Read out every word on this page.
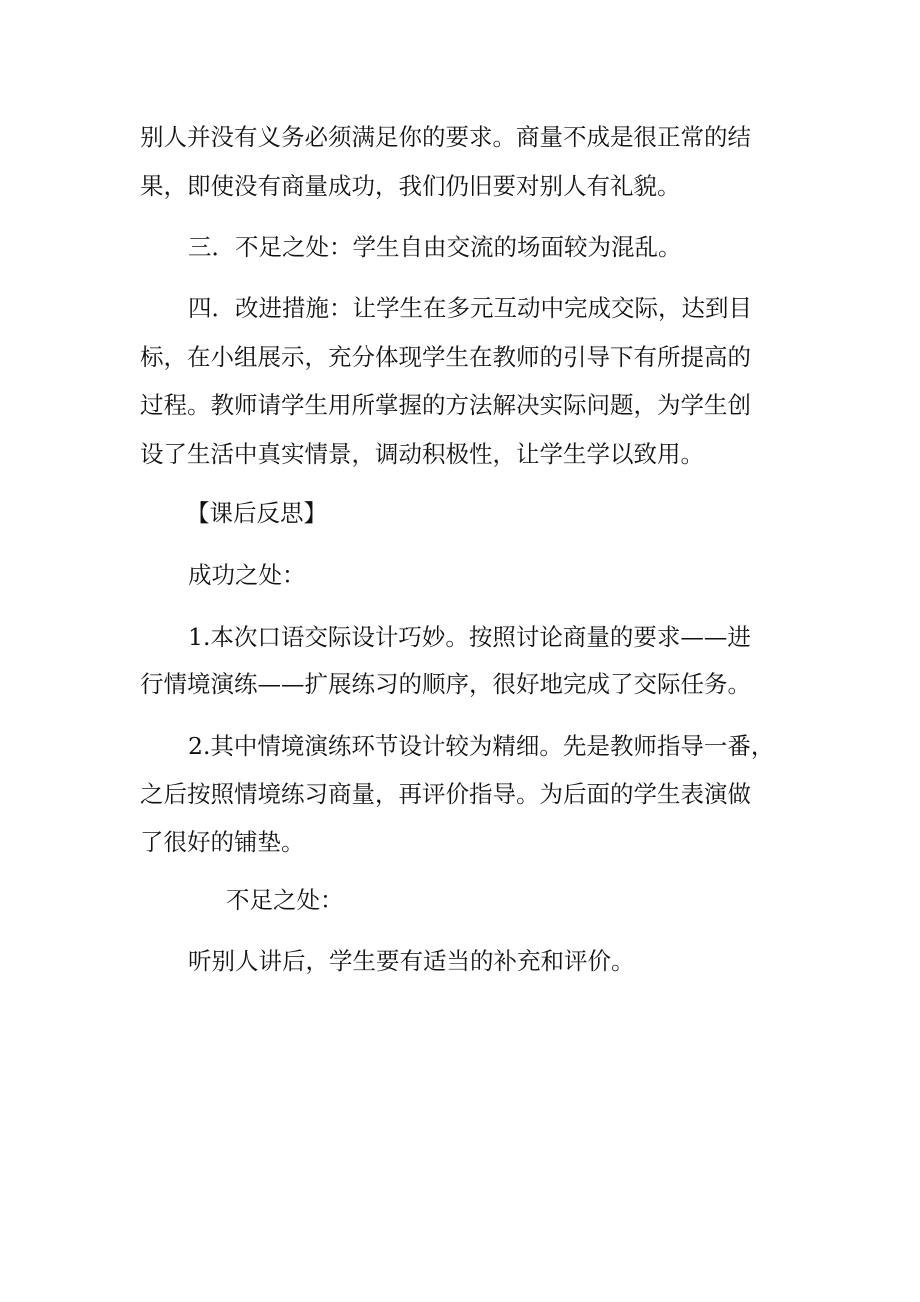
别人并没有义务必须满足你的要求。商量不成是很正常的结
果，即使没有商量成功，我们仍旧要对别人有礼貌。
三．不足之处：学生自由交流的场面较为混乱。
四．改进措施：让学生在多元互动中完成交际，达到目
标，在小组展示，充分体现学生在教师的引导下有所提高的
过程。教师请学生用所掌握的方法解决实际问题，为学生创
设了生活中真实情景，调动积极性，让学生学以致用。
【课后反思】
成功之处：
1.本次口语交际设计巧妙。按照讨论商量的要求——进
行情境演练——扩展练习的顺序，很好地完成了交际任务。
2.其中情境演练环节设计较为精细。先是教师指导一番，
之后按照情境练习商量，再评价指导。为后面的学生表演做
了很好的铺垫。
不足之处：
听别人讲后，学生要有适当的补充和评价。
